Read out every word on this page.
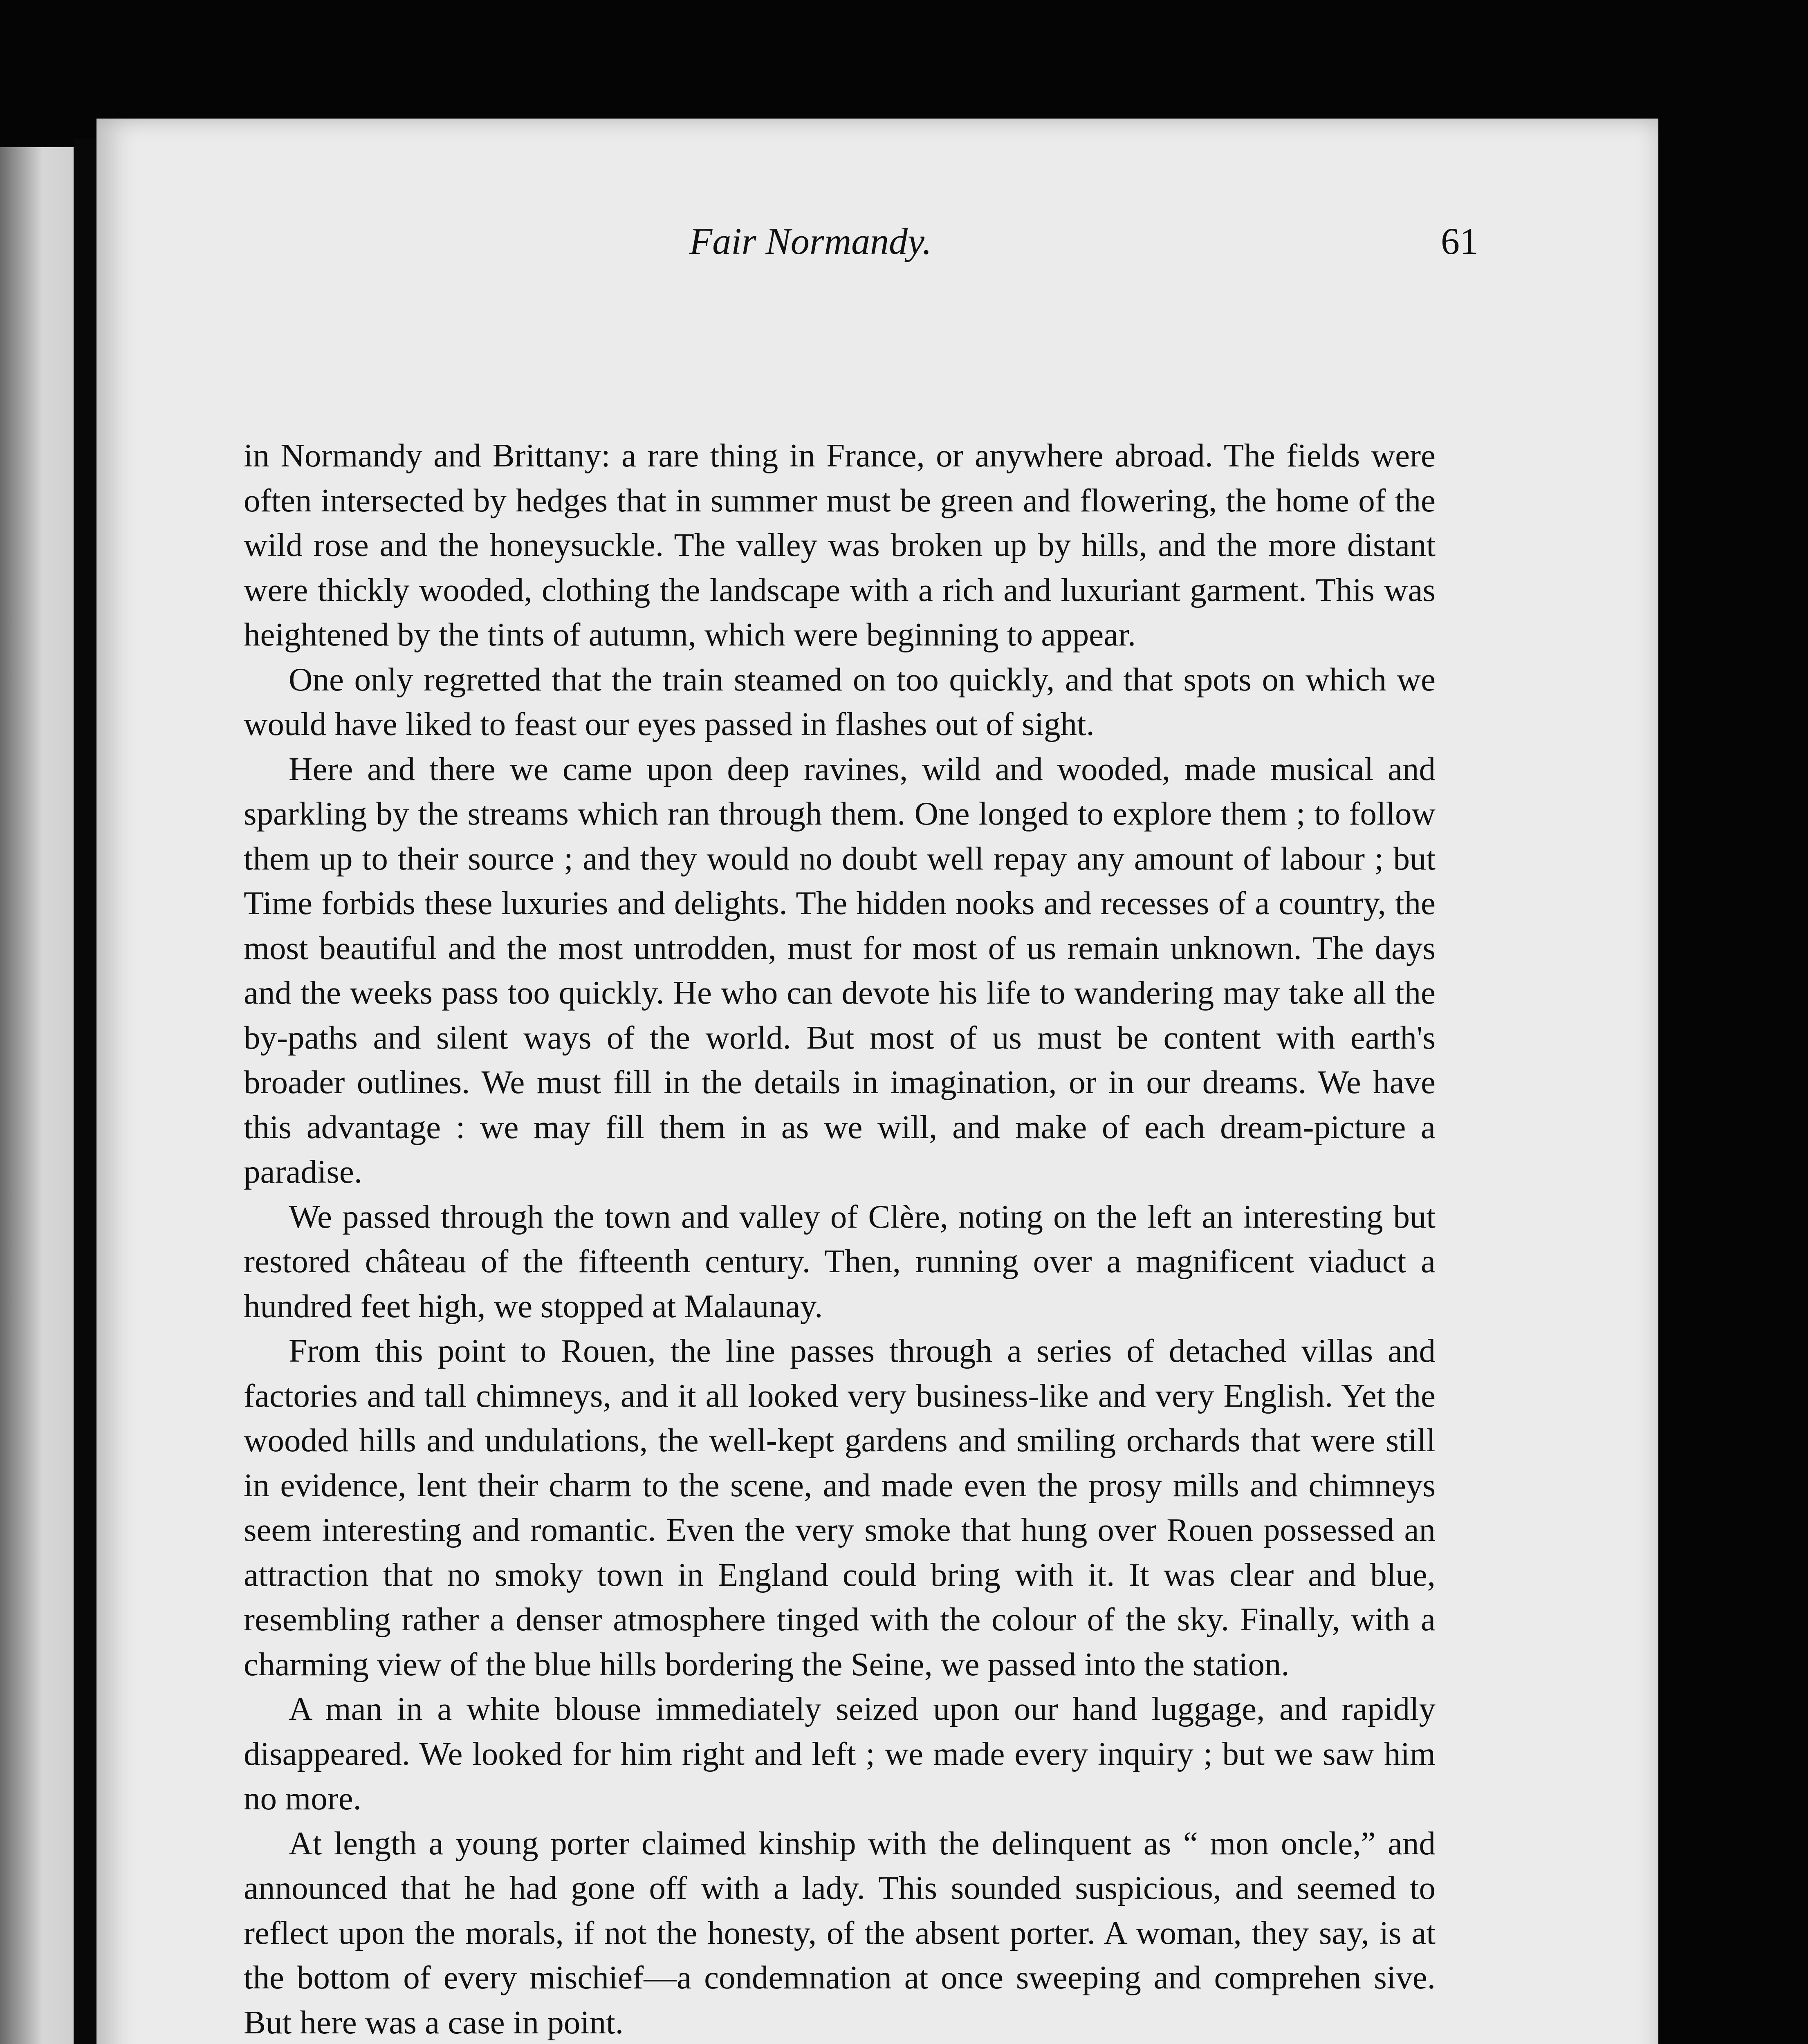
Fair Normandy.	61

in Normandy and Brittany: a rare thing in France, or anywhere abroad. The fields were often intersected by hedges that in summer must be green and flowering, the home of the wild rose and the honeysuckle. The valley was broken up by hills, and the more distant were thickly wooded, clothing the landscape with a rich and luxuriant garment. This was heightened by the tints of autumn, which were beginning to appear.

One only regretted that the train steamed on too quickly, and that spots on which we would have liked to feast our eyes passed in flashes out of sight.

Here and there we came upon deep ravines, wild and wooded, made musical and sparkling by the streams which ran through them. One longed to explore them ; to follow them up to their source ; and they would no doubt well repay any amount of labour ; but Time forbids these luxuries and delights. The hidden nooks and recesses of a country, the most beautiful and the most untrodden, must for most of us remain unknown. The days and the weeks pass too quickly. He who can devote his life to wandering may take all the by-paths and silent ways of the world. But most of us must be content with earth's broader outlines. We must fill in the details in imagination, or in our dreams. We have this advantage : we may fill them in as we will, and make of each dream-picture a paradise.

We passed through the town and valley of Clère, noting on the left an interesting but restored château of the fifteenth century. Then, running over a magnificent viaduct a hundred feet high, we stopped at Malaunay.

From this point to Rouen, the line passes through a series of detached villas and factories and tall chimneys, and it all looked very business-like and very English. Yet the wooded hills and undulations, the well-kept gardens and smiling orchards that were still in evidence, lent their charm to the scene, and made even the prosy mills and chimneys seem interesting and romantic. Even the very smoke that hung over Rouen possessed an attraction that no smoky town in England could bring with it. It was clear and blue, resembling rather a denser atmosphere tinged with the colour of the sky. Finally, with a charming view of the blue hills bordering the Seine, we passed into the station.

A man in a white blouse immediately seized upon our hand luggage, and rapidly disappeared. We looked for him right and left ; we made every inquiry ; but we saw him no more.

At length a young porter claimed kinship with the delinquent as “ mon oncle,” and announced that he had gone off with a lady. This sounded suspicious, and seemed to reflect upon the morals, if not the honesty, of the absent porter. A woman, they say, is at the bottom of every mischief—a condemnation at once sweeping and comprehen sive. But here was a case in point.
